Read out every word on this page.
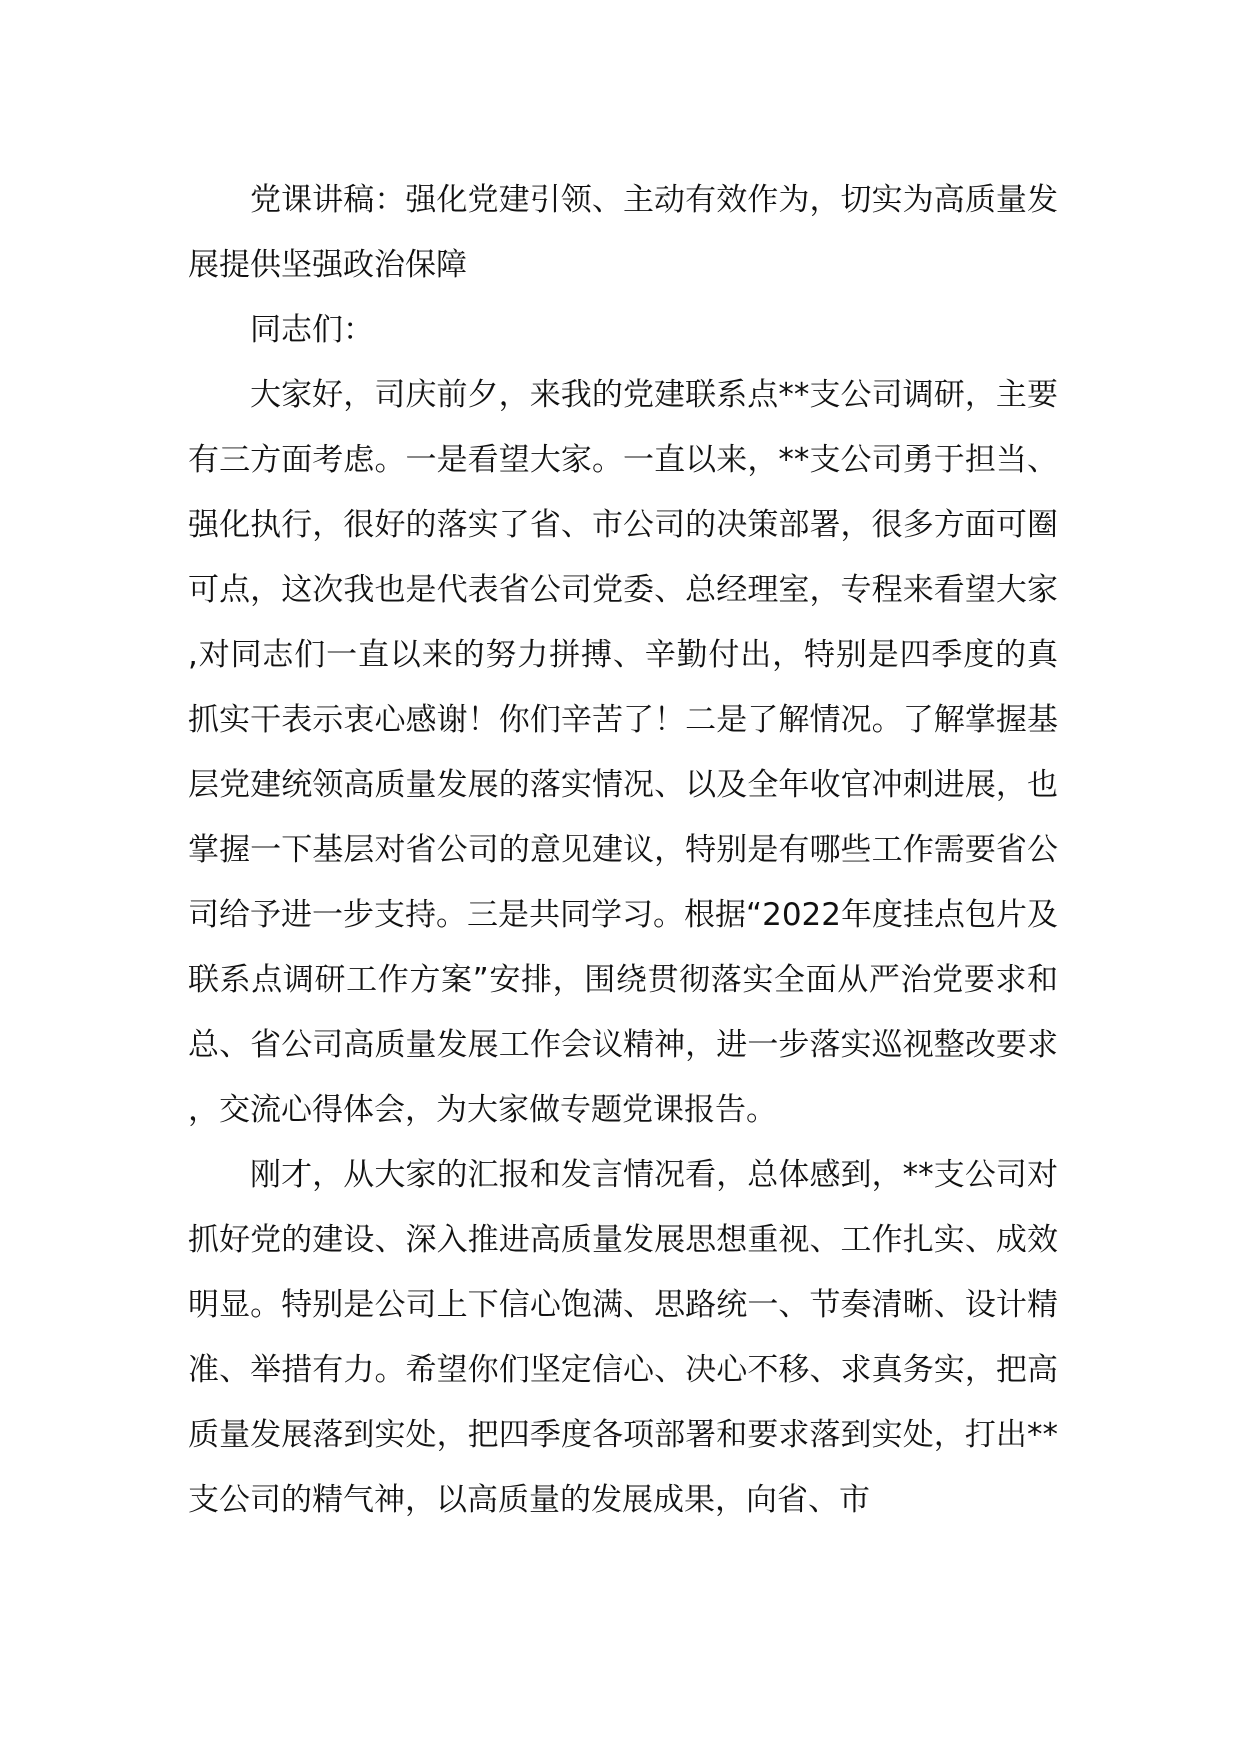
党课讲稿：强化党建引领、主动有效作为，切实为高质量发展提供坚强政治保障

同志们：

大家好，司庆前夕，来我的党建联系点**支公司调研，主要有三方面考虑。一是看望大家。一直以来，**支公司勇于担当、强化执行，很好的落实了省、市公司的决策部署，很多方面可圈可点，这次我也是代表省公司党委、总经理室，专程来看望大家,对同志们一直以来的努力拼搏、辛勤付出，特别是四季度的真抓实干表示衷心感谢！你们辛苦了！二是了解情况。了解掌握基层党建统领高质量发展的落实情况、以及全年收官冲刺进展，也掌握一下基层对省公司的意见建议，特别是有哪些工作需要省公司给予进一步支持。三是共同学习。根据“2022年度挂点包片及联系点调研工作方案”安排，围绕贯彻落实全面从严治党要求和总、省公司高质量发展工作会议精神，进一步落实巡视整改要求，交流心得体会，为大家做专题党课报告。

刚才，从大家的汇报和发言情况看，总体感到，**支公司对抓好党的建设、深入推进高质量发展思想重视、工作扎实、成效明显。特别是公司上下信心饱满、思路统一、节奏清晰、设计精准、举措有力。希望你们坚定信心、决心不移、求真务实，把高质量发展落到实处，把四季度各项部署和要求落到实处，打出**支公司的精气神，以高质量的发展成果，向省、市
